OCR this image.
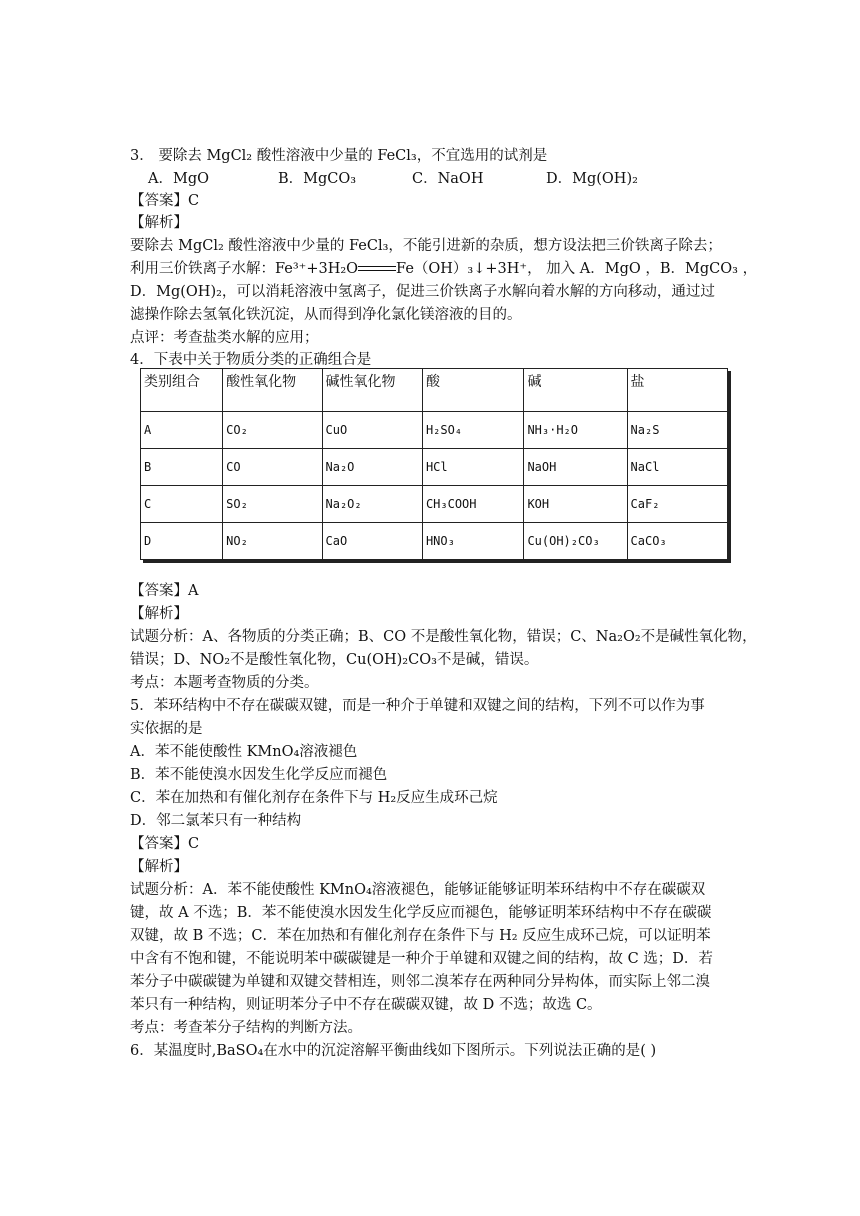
3． 要除去 MgCl₂ 酸性溶液中少量的 FeCl₃，不宜选用的试剂是
A．MgO	B．MgCO₃	C．NaOH	D．Mg(OH)₂
【答案】C
【解析】
要除去 MgCl₂ 酸性溶液中少量的 FeCl₃，不能引进新的杂质，想方设法把三价铁离子除去；
利用三价铁离子水解：Fe³⁺+3H₂O	Fe（OH）₃↓+3H⁺， 加入 A．MgO ，B．MgCO₃ ，
D．Mg(OH)₂，可以消耗溶液中氢离子，促进三价铁离子水解向着水解的方向移动，通过过
滤操作除去氢氧化铁沉淀，从而得到净化氯化镁溶液的目的。
点评：考查盐类水解的应用；
4．下表中关于物质分类的正确组合是
类别组合	酸性氧化物	碱性氧化物	酸	碱	盐
A	CO₂	CuO	H₂SO₄	NH₃·H₂O	Na₂S
B	CO	Na₂O	HCl	NaOH	NaCl
C	SO₂	Na₂O₂	CH₃COOH	KOH	CaF₂
D	NO₂	CaO	HNO₃	Cu(OH)₂CO₃	CaCO₃
【答案】A
【解析】
试题分析：A、各物质的分类正确；B、CO 不是酸性氧化物，错误；C、Na₂O₂不是碱性氧化物，
错误；D、NO₂不是酸性氧化物，Cu(OH)₂CO₃不是碱，错误。
考点：本题考查物质的分类。
5．苯环结构中不存在碳碳双键，而是一种介于单键和双键之间的结构，下列不可以作为事
实依据的是
A．苯不能使酸性 KMnO₄溶液褪色
B．苯不能使溴水因发生化学反应而褪色
C．苯在加热和有催化剂存在条件下与 H₂反应生成环己烷
D．邻二氯苯只有一种结构
【答案】C
【解析】
试题分析：A．苯不能使酸性 KMnO₄溶液褪色，能够证能够证明苯环结构中不存在碳碳双
键，故 A 不选；B．苯不能使溴水因发生化学反应而褪色，能够证明苯环结构中不存在碳碳
双键，故 B 不选；C．苯在加热和有催化剂存在条件下与 H₂ 反应生成环己烷，可以证明苯
中含有不饱和键，不能说明苯中碳碳键是一种介于单键和双键之间的结构，故 C 选；D．若
苯分子中碳碳键为单键和双键交替相连，则邻二溴苯存在两种同分异构体，而实际上邻二溴
苯只有一种结构，则证明苯分子中不存在碳碳双键，故 D 不选；故选 C。
考点：考查苯分子结构的判断方法。
6．某温度时,BaSO₄在水中的沉淀溶解平衡曲线如下图所示。下列说法正确的是( )
